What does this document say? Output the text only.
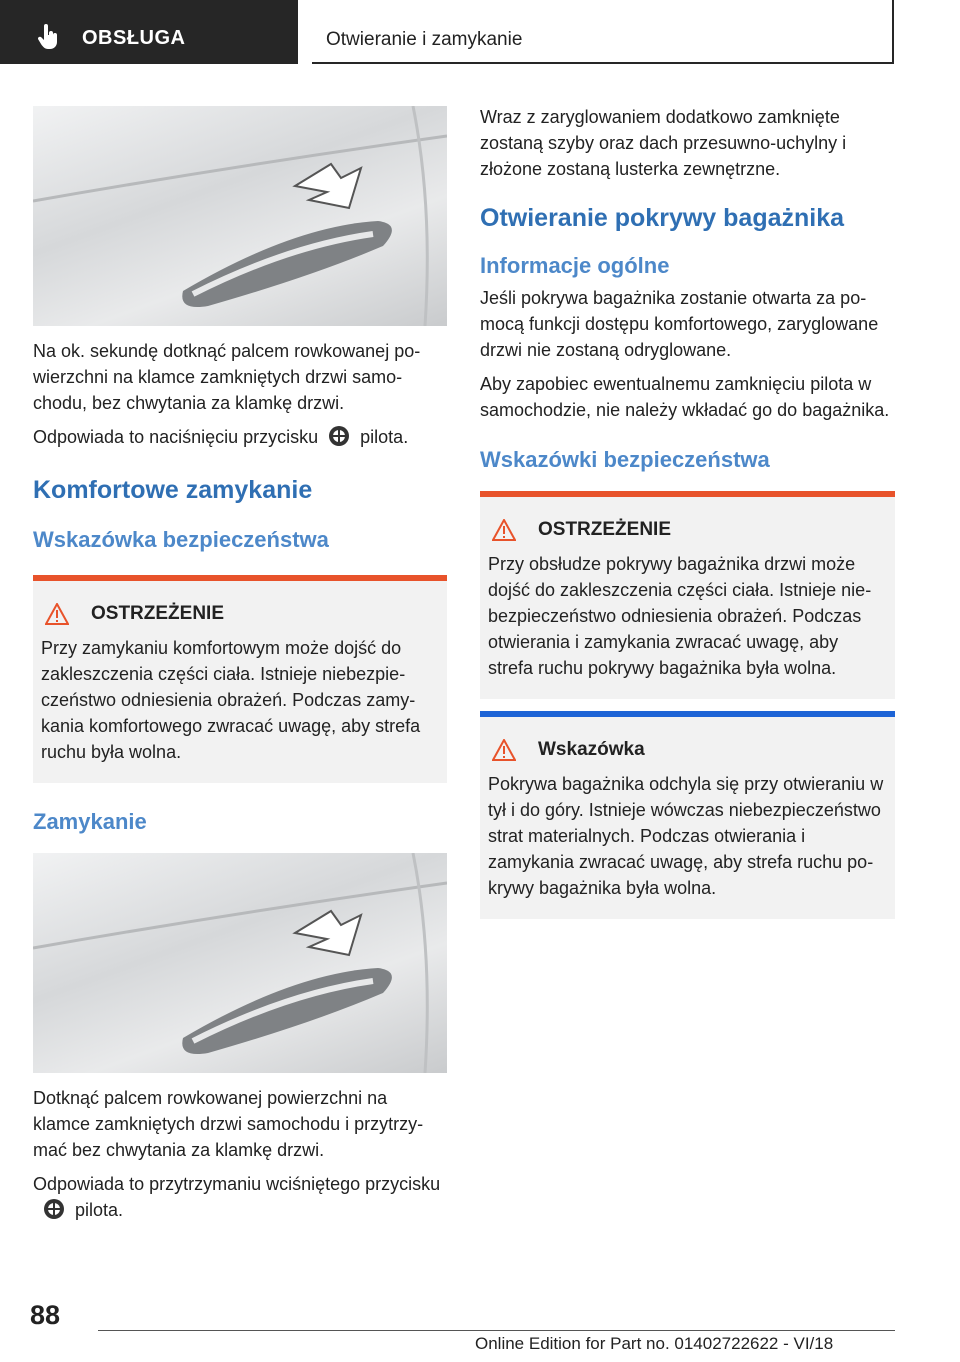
OBSŁUGA	Otwieranie i zamykanie

Na ok. sekundę dotknąć palcem rowkowanej powierzchni na klamce zamkniętych drzwi samochodu, bez chwytania za klamkę drzwi.

Odpowiada to naciśnięciu przycisku pilota.

Komfortowe zamykanie
Wskazówka bezpieczeństwa
OSTRZEŻENIE

Przy zamykaniu komfortowym może dojść do zakleszczenia części ciała. Istnieje niebezpieczeństwo odniesienia obrażeń. Podczas zamykania komfortowego zwracać uwagę, aby strefa ruchu była wolna.

Zamykanie

Dotknąć palcem rowkowanej powierzchni na klamce zamkniętych drzwi samochodu i przytrzymać bez chwytania za klamkę drzwi.

Odpowiada to przytrzymaniu wciśniętego przyciskupilota.

Wraz z zaryglowaniem dodatkowo zamknięte zostaną szyby oraz dach przesuwno-uchylny i złożone zostaną lusterka zewnętrzne.

Otwieranie pokrywy bagażnika
Informacje ogólne

Jeśli pokrywa bagażnika zostanie otwarta za pomocą funkcji dostępu komfortowego, zaryglowane drzwi nie zostaną odryglowane.

Aby zapobiec ewentualnemu zamknięciu pilota w samochodzie, nie należy wkładać go do bagażnika.

Wskazówki bezpieczeństwa
OSTRZEŻENIE

Przy obsłudze pokrywy bagażnika drzwi może dojść do zakleszczenia części ciała. Istnieje niebezpieczeństwo odniesienia obrażeń. Podczas otwierania i zamykania zwracać uwagę, aby strefa ruchu pokrywy bagażnika była wolna.

Wskazówka

Pokrywa bagażnika odchyla się przy otwieraniu w tył i do góry. Istnieje wówczas niebezpieczeństwo strat materialnych. Podczas otwierania i zamykania zwracać uwagę, aby strefa ruchu pokrywy bagażnika była wolna.

88
Online Edition for Part no. 01402722622 - VI/18
